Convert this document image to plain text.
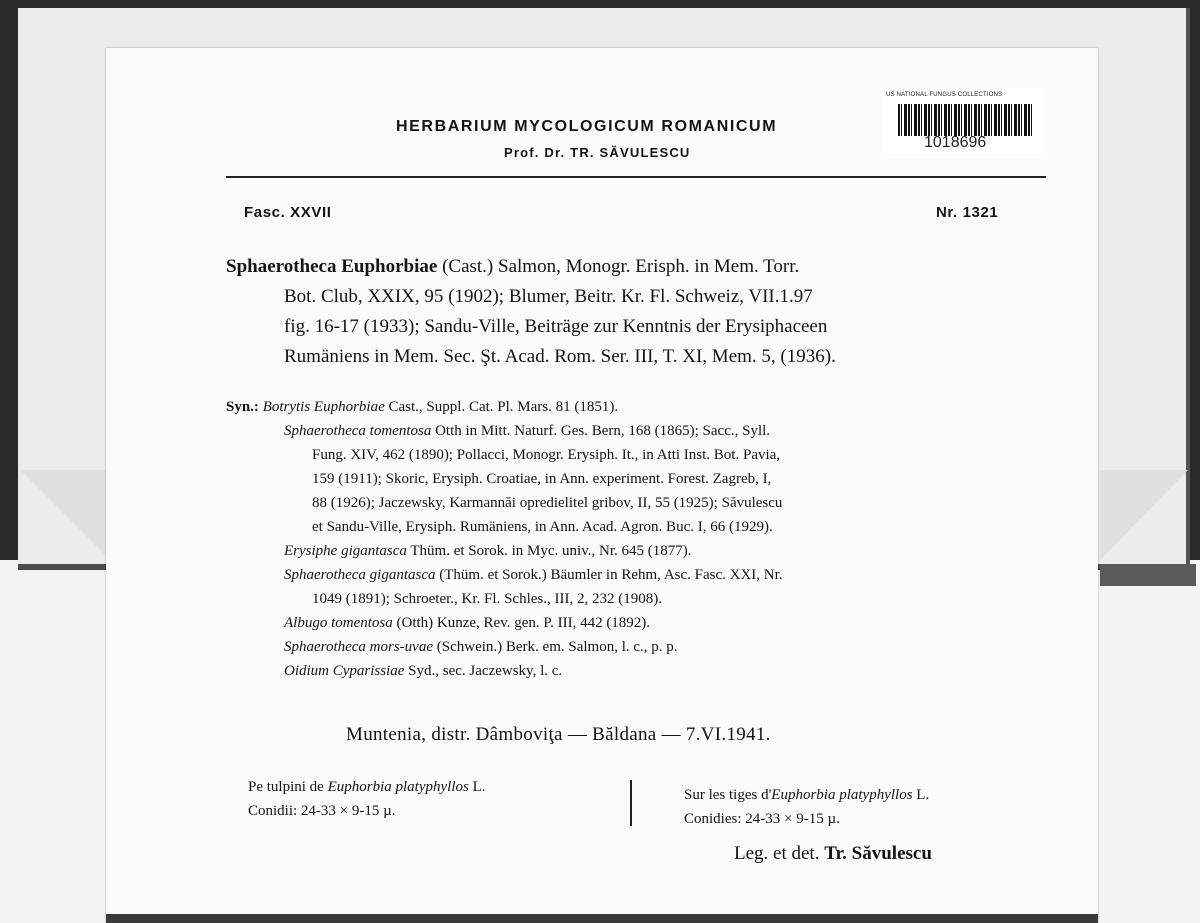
HERBARIUM MYCOLOGICUM ROMANICUM
Prof. Dr. TR. SĂVULESCU
US NATIONAL FUNGUS COLLECTIONS
1018696
Fasc. XXVII	Nr. 1321
Sphaerotheca Euphorbiae (Cast.) Salmon, Monogr. Erisph. in Mem. Torr.
Bot. Club, XXIX, 95 (1902); Blumer, Beitr. Kr. Fl. Schweiz, VII.1.97
fig. 16-17 (1933); Sandu-Ville, Beiträge zur Kenntnis der Erysiphaceen
Rumäniens in Mem. Sec. Şt. Acad. Rom. Ser. III, T. XI, Mem. 5, (1936).
Syn.: Botrytis Euphorbiae Cast., Suppl. Cat. Pl. Mars. 81 (1851).
Sphaerotheca tomentosa Otth in Mitt. Naturf. Ges. Bern, 168 (1865); Sacc., Syll.
Fung. XIV, 462 (1890); Pollacci, Monogr. Erysiph. It., in Atti Inst. Bot. Pavia,
159 (1911); Skoric, Erysiph. Croatiae, in Ann. experiment. Forest. Zagreb, I,
88 (1926); Jaczewsky, Karmannăi opredielitel gribov, II, 55 (1925); Săvulescu
et Sandu-Ville, Erysiph. Rumäniens, in Ann. Acad. Agron. Buc. I, 66 (1929).
Erysiphe gigantasca Thüm. et Sorok. in Myc. univ., Nr. 645 (1877).
Sphaerotheca gigantasca (Thüm. et Sorok.) Bäumler in Rehm, Asc. Fasc. XXI, Nr.
1049 (1891); Schroeter., Kr. Fl. Schles., III, 2, 232 (1908).
Albugo tomentosa (Otth) Kunze, Rev. gen. P. III, 442 (1892).
Sphaerotheca mors-uvae (Schwein.) Berk. em. Salmon, l. c., p. p.
Oidium Cyparissiae Syd., sec. Jaczewsky, l. c.
Muntenia, distr. Dâmboviţa — Băldana — 7.VI.1941.
Pe tulpini de Euphorbia platyphyllos L.
Conidii: 24-33 × 9-15 µ.
Sur les tiges d'Euphorbia platyphyllos L.
Conidies: 24-33 × 9-15 µ.
Leg. et det. Tr. Săvulescu
